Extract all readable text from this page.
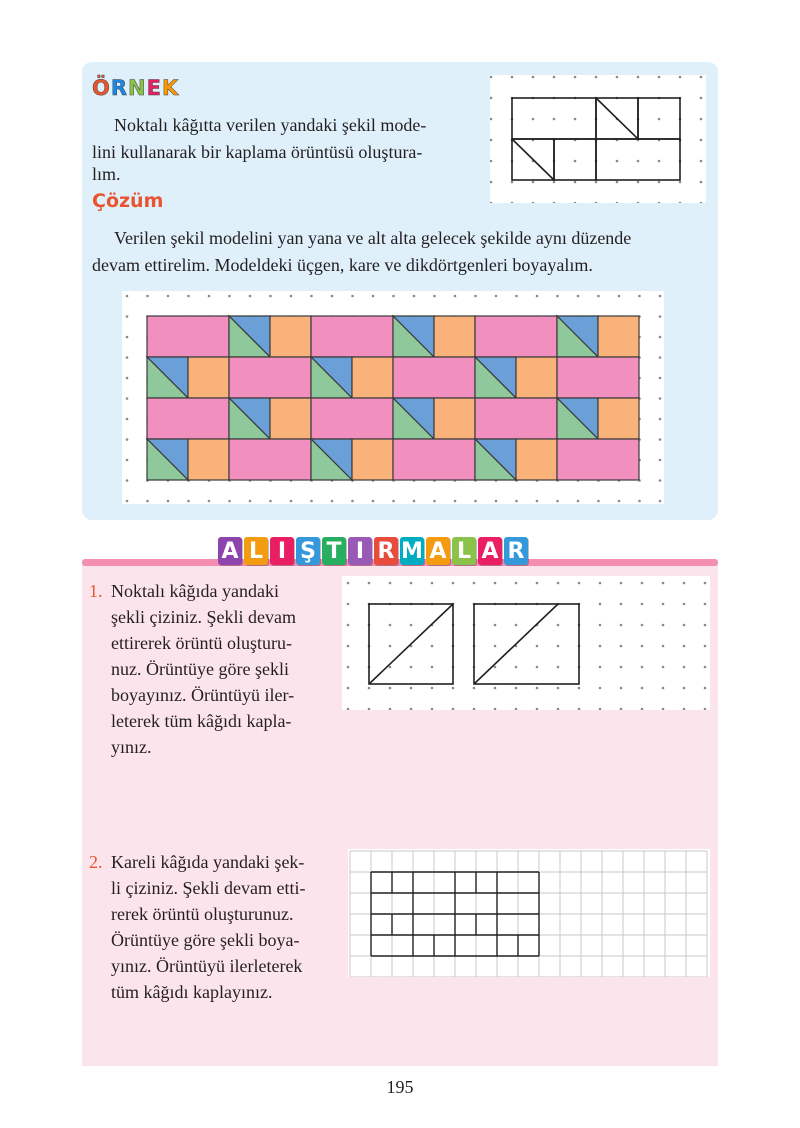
ÖRNEK
Noktalı kâğıtta verilen yandaki şekil mode-
lini kullanarak bir kaplama örüntüsü oluştura-
lım.
Çözüm
Verilen şekil modelini yan yana ve alt alta gelecek şekilde aynı düzende
devam ettirelim. Modeldeki üçgen, kare ve dikdörtgenleri boyayalım.
A L I Ş T I R M A L A R
1. Noktalı kâğıda yandaki
şekli çiziniz. Şekli devam
ettirerek örüntü oluşturu-
nuz. Örüntüye göre şekli
boyayınız. Örüntüyü iler-
leterek tüm kâğıdı kapla-
yınız.
2. Kareli kâğıda yandaki şek-
li çiziniz. Şekli devam etti-
rerek örüntü oluşturunuz.
Örüntüye göre şekli boya-
yınız. Örüntüyü ilerleterek
tüm kâğıdı kaplayınız.
195
